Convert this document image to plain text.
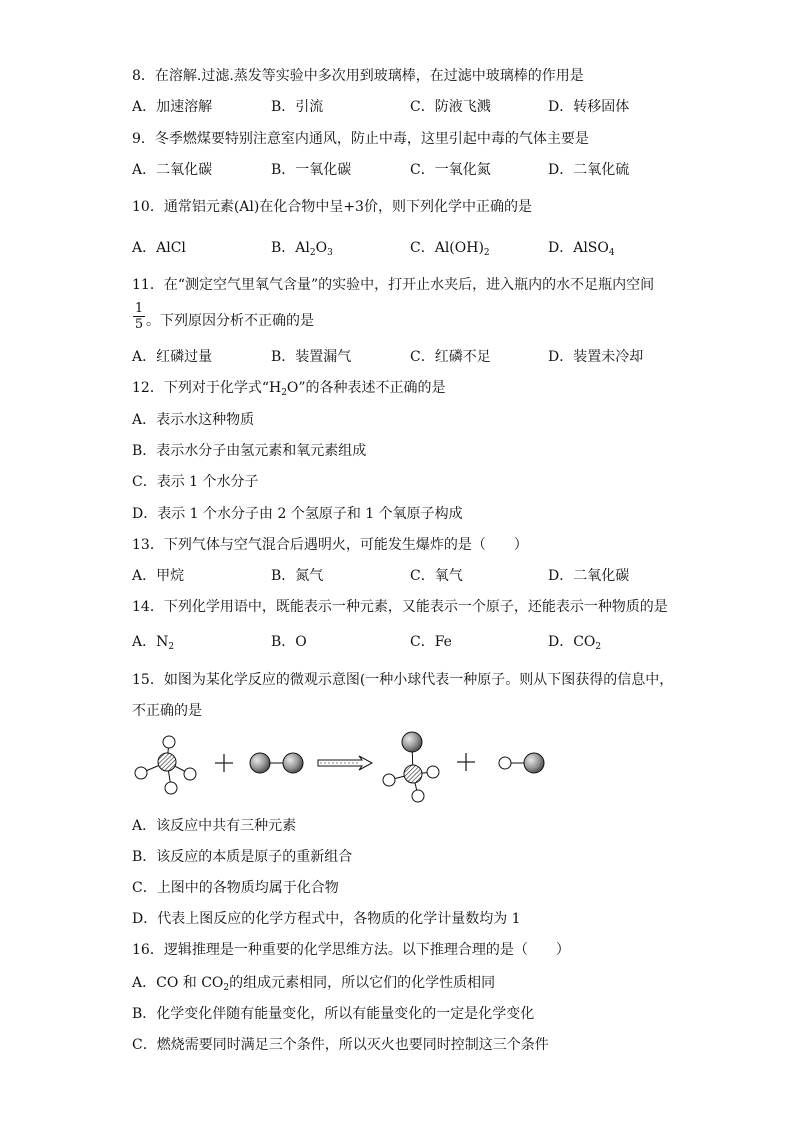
8．在溶解.过滤.蒸发等实验中多次用到玻璃棒，在过滤中玻璃棒的作用是
A．加速溶解	B．引流	C．防液飞溅	D．转移固体
9．冬季燃煤要特别注意室内通风，防止中毒，这里引起中毒的气体主要是
A．二氧化碳	B．一氧化碳	C．一氧化氮	D．二氧化硫
10．通常铝元素(Al)在化合物中呈+3价，则下列化学中正确的是
A．AlCl	B．$Al_2O_3$	C．$Al(OH)_2$	D．AlSO$_4$
11．在“测定空气里氧气含量”的实验中，打开止水夹后，进入瓶内的水不足瓶内空间
1
5 。下列原因分析不正确的是
A．红磷过量	B．装置漏气	C．红磷不足	D．装置未冷却
12．下列对于化学式“$H_2O$”的各种表述不正确的是
A．表示水这种物质
B．表示水分子由氢元素和氧元素组成
C．表示 1 个水分子
D．表示 1 个水分子由 2 个氢原子和 1 个氧原子构成
13．下列气体与空气混合后遇明火，可能发生爆炸的是（　　）
A．甲烷	B．氮气	C．氧气	D．二氧化碳
14．下列化学用语中，既能表示一种元素，又能表示一个原子，还能表示一种物质的是
A．$N_2$	B．O	C．Fe	D．$CO_2$
15．如图为某化学反应的微观示意图(一种小球代表一种原子。则从下图获得的信息中，
不正确的是
A．该反应中共有三种元素
B．该反应的本质是原子的重新组合
C．上图中的各物质均属于化合物
D．代表上图反应的化学方程式中，各物质的化学计量数均为 1
16．逻辑推理是一种重要的化学思维方法。以下推理合理的是（　　）
A．CO 和 $CO_2$的组成元素相同，所以它们的化学性质相同
B．化学变化伴随有能量变化，所以有能量变化的一定是化学变化
C．燃烧需要同时满足三个条件，所以灭火也要同时控制这三个条件
